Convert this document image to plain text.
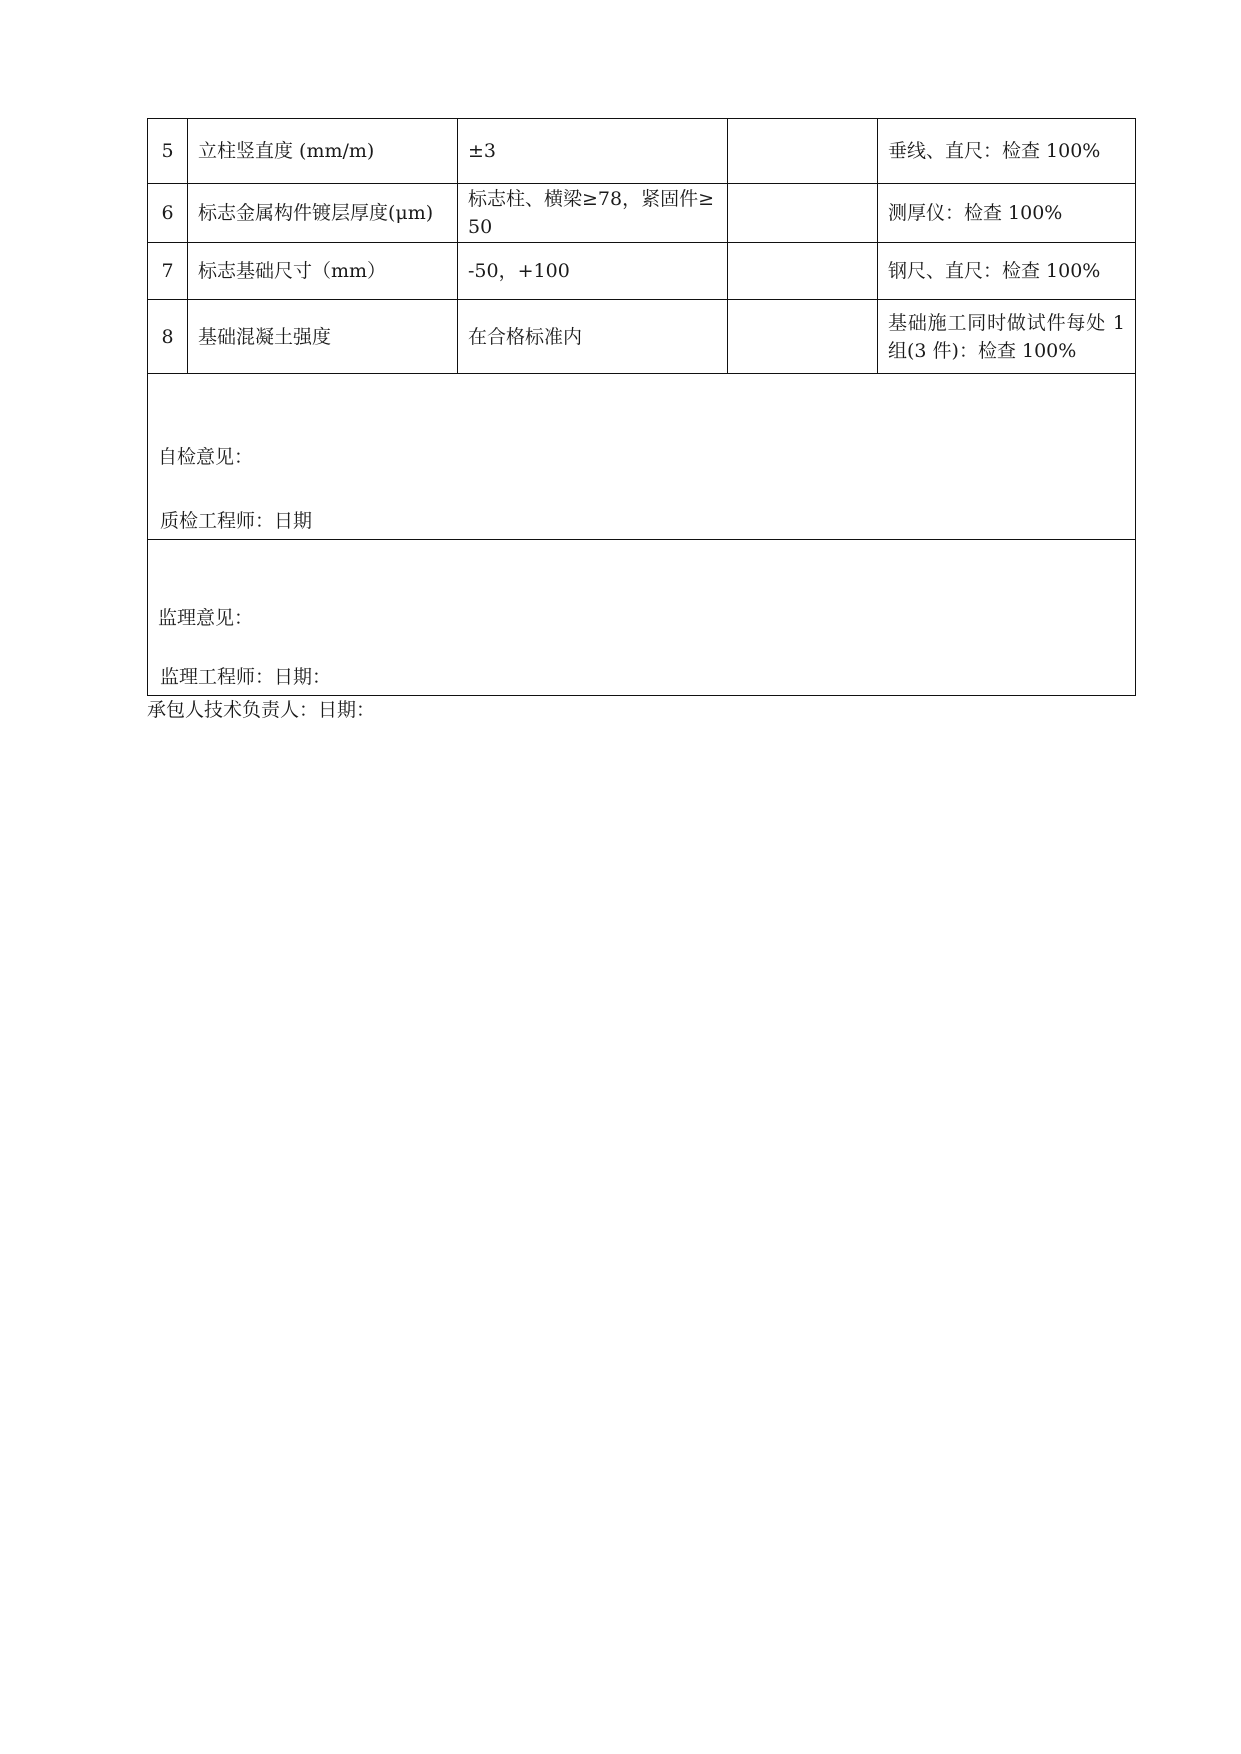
5	立柱竖直度 (mm/m)	±3		垂线、直尺：检查 100%
6	标志金属构件镀层厚度(μm)	标志柱、横梁≥78，紧固件≥50		测厚仪：检查 100%
7	标志基础尺寸（mm）	-50，+100		钢尺、直尺：检查 100%
8	基础混凝土强度	在合格标准内		基础施工同时做试件每处 1 组(3 件)：检查 100%

自检意见：
质检工程师：日期				

监理意见：
监理工程师：日期：				
承包人技术负责人：日期：
